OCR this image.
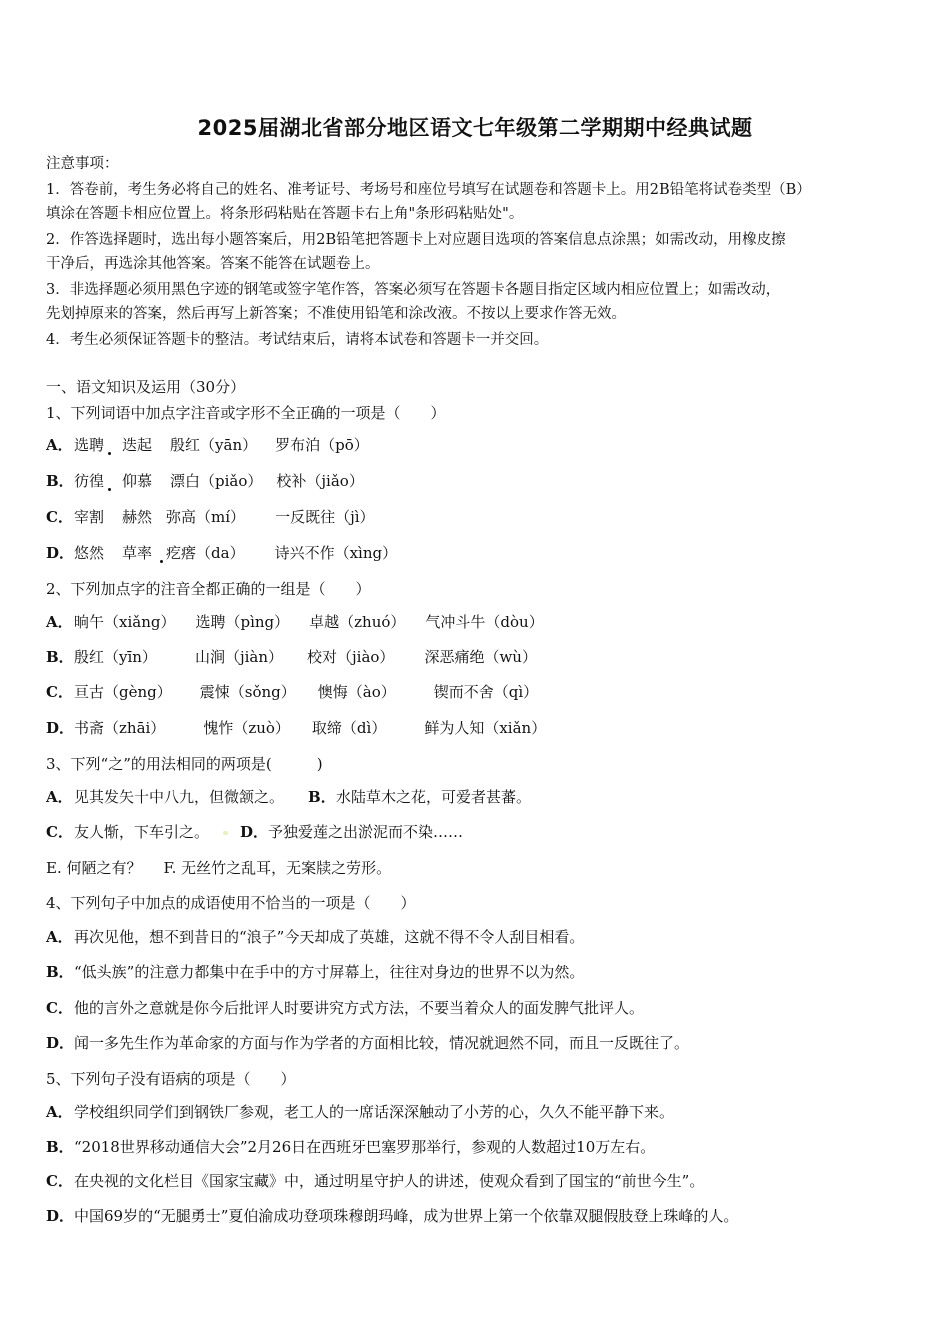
2025届湖北省部分地区语文七年级第二学期期中经典试题
注意事项：
1．答卷前，考生务必将自己的姓名、准考证号、考场号和座位号填写在试题卷和答题卡上。用2B铅笔将试卷类型（B）
填涂在答题卡相应位置上。将条形码粘贴在答题卡右上角"条形码粘贴处"。
2．作答选择题时，选出每小题答案后，用2B铅笔把答题卡上对应题目选项的答案信息点涂黑；如需改动，用橡皮擦
干净后，再选涂其他答案。答案不能答在试题卷上。
3．非选择题必须用黑色字迹的钢笔或签字笔作答，答案必须写在答题卡各题目指定区域内相应位置上；如需改动，
先划掉原来的答案，然后再写上新答案；不准使用铅笔和涂改液。不按以上要求作答无效。
4．考生必须保证答题卡的整洁。考试结束后，请将本试卷和答题卡一并交回。
一、语文知识及运用（30分）
1、下列词语中加点字注音或字形不全正确的一项是（　　）
A．选聘 迭起 殷红（yān） 罗布泊（pō）
B．彷徨 仰慕 漂白（piǎo） 校补（jiǎo）
C．宰割 赫然 弥高（mí） 一反既往（jì）
D．悠然 草率 疙瘩（da） 诗兴不作（xìng）
2、下列加点字的注音全都正确的一组是（　　）
A．晌午（xiǎng） 选聘（pìng） 卓越（zhuó） 气冲斗牛（dòu）
B．殷红（yīn）	山涧（jiàn） 校对（jiào） 深恶痛绝（wù）
C．亘古（gèng） 震悚（sǒng） 懊悔（ào）	锲而不舍（qì）
D．书斋（zhāi）	愧怍（zuò） 取缔（dì）	鲜为人知（xiǎn）
3、下列“之”的用法相同的两项是(　　　)
A．见其发矢十中八九，但微颔之。 B．水陆草木之花，可爱者甚蕃。
C．友人惭，下车引之。 D．予独爱莲之出淤泥而不染……
E. 何陋之有？ F. 无丝竹之乱耳，无案牍之劳形。
4、下列句子中加点的成语使用不恰当的一项是（　　）
A．再次见他，想不到昔日的“浪子”今天却成了英雄，这就不得不令人刮目相看。
B．“低头族”的注意力都集中在手中的方寸屏幕上，往往对身边的世界不以为然。
C．他的言外之意就是你今后批评人时要讲究方式方法，不要当着众人的面发脾气批评人。
D．闻一多先生作为革命家的方面与作为学者的方面相比较，情况就迥然不同，而且一反既往了。
5、下列句子没有语病的项是（　　）
A．学校组织同学们到钢铁厂参观，老工人的一席话深深触动了小芳的心，久久不能平静下来。
B．“2018世界移动通信大会”2月26日在西班牙巴塞罗那举行，参观的人数超过10万左右。
C．在央视的文化栏目《国家宝藏》中，通过明星守护人的讲述，使观众看到了国宝的“前世今生”。
D．中国69岁的“无腿勇士”夏伯渝成功登项珠穆朗玛峰，成为世界上第一个依靠双腿假肢登上珠峰的人。
